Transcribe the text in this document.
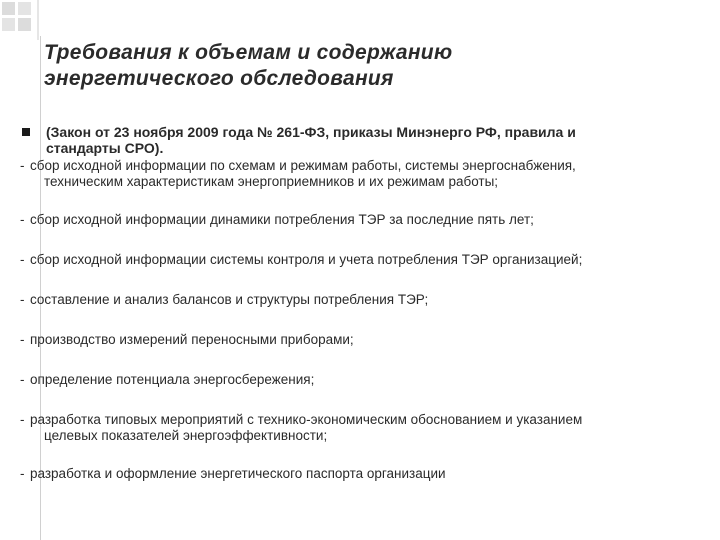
Требования к объемам и содержанию
энергетического обследования
(Закон от 23 ноября 2009 года № 261-ФЗ, приказы Минэнерго РФ, правила и
стандарты СРО).
- сбор исходной информации по схемам и режимам работы, системы энергоснабжения,
техническим характеристикам энергоприемников и их режимам работы;
- сбор исходной информации динамики потребления ТЭР за последние пять лет;
- сбор исходной информации системы контроля и учета потребления ТЭР организацией;
- составление и анализ балансов и структуры потребления ТЭР;
- производство измерений переносными приборами;
- определение потенциала энергосбережения;
- разработка типовых мероприятий с технико-экономическим обоснованием и указанием
целевых показателей энергоэффективности;
- разработка и оформление энергетического паспорта организации
